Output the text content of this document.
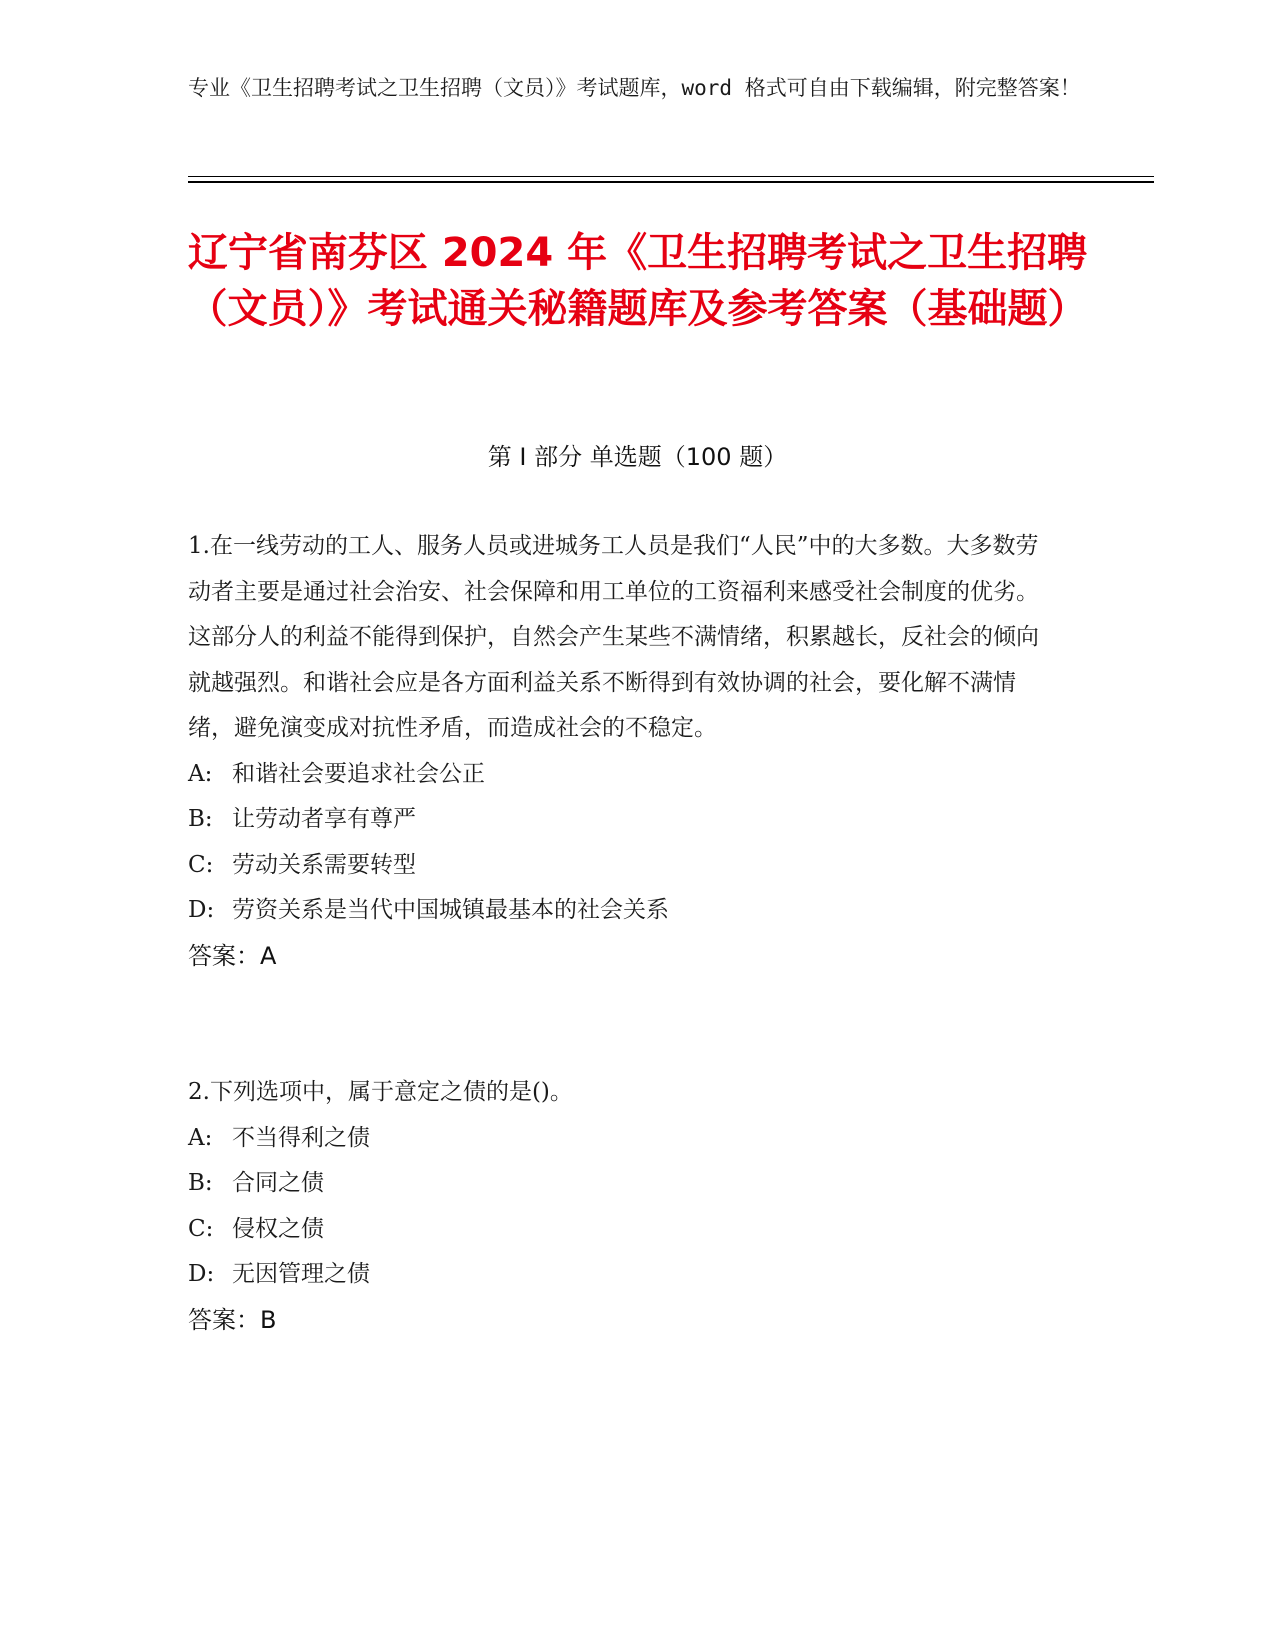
专业《卫生招聘考试之卫生招聘（文员）》考试题库，word 格式可自由下载编辑，附完整答案！
辽宁省南芬区 2024 年《卫生招聘考试之卫生招聘（文员）》考试通关秘籍题库及参考答案（基础题）
第 I 部分 单选题（100 题）

1.在一线劳动的工人、服务人员或进城务工人员是我们“人民”中的大多数。大多数劳动者主要是通过社会治安、社会保障和用工单位的工资福利来感受社会制度的优劣。这部分人的利益不能得到保护，自然会产生某些不满情绪，积累越长，反社会的倾向就越强烈。和谐社会应是各方面利益关系不断得到有效协调的社会，要化解不满情绪，避免演变成对抗性矛盾，而造成社会的不稳定。

A: 和谐社会要追求社会公正

B: 让劳动者享有尊严

C: 劳动关系需要转型

D: 劳资关系是当代中国城镇最基本的社会关系

答案：A

2.下列选项中，属于意定之债的是()。

A: 不当得利之债

B: 合同之债

C: 侵权之债

D: 无因管理之债

答案：B
